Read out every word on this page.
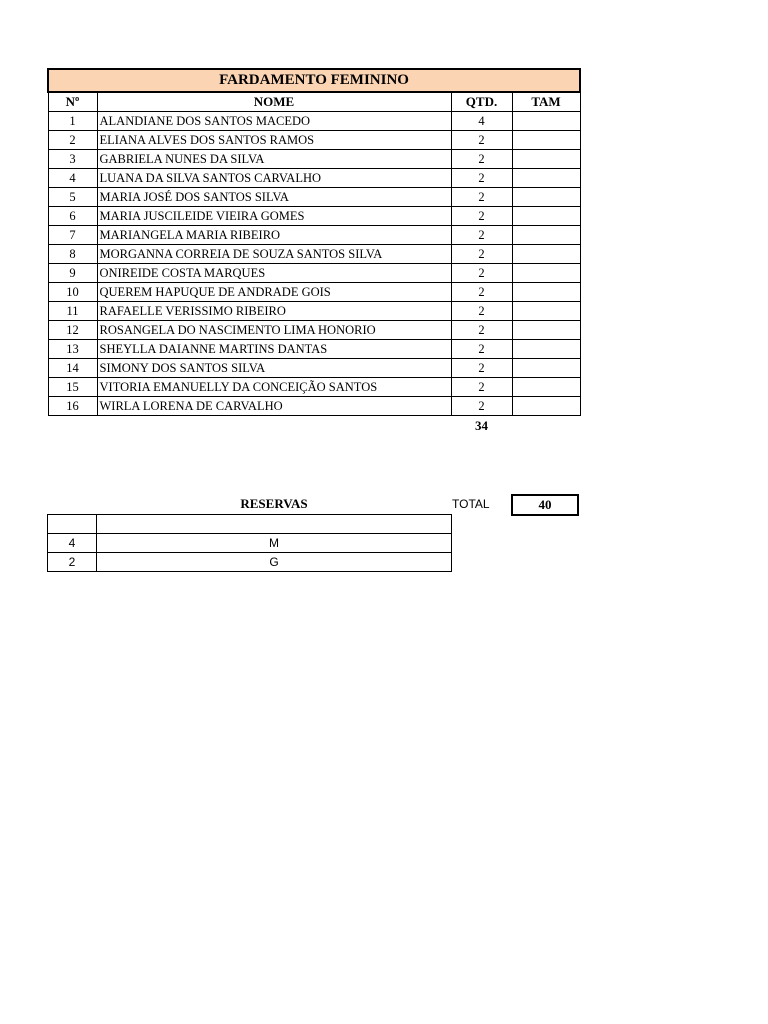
FARDAMENTO FEMININO			
Nº	NOME	QTD.	TAM
1	ALANDIANE DOS SANTOS MACEDO	4	
2	ELIANA ALVES DOS SANTOS RAMOS	2	
3	GABRIELA NUNES DA SILVA	2	
4	LUANA DA SILVA SANTOS CARVALHO	2	
5	MARIA JOSÉ DOS SANTOS SILVA	2	
6	MARIA JUSCILEIDE VIEIRA GOMES	2	
7	MARIANGELA MARIA RIBEIRO	2	
8	MORGANNA CORREIA DE SOUZA SANTOS SILVA	2	
9	ONIREIDE COSTA MARQUES	2	
10	QUEREM HAPUQUE DE ANDRADE GOIS	2	
11	RAFAELLE VERISSIMO RIBEIRO	2	
12	ROSANGELA DO NASCIMENTO LIMA HONORIO	2	
13	SHEYLLA DAIANNE MARTINS DANTAS	2	
14	SIMONY DOS SANTOS SILVA	2	
15	VITORIA EMANUELLY DA CONCEIÇÃO SANTOS	2	
16	WIRLA LORENA DE CARVALHO	2	
34
RESERVAS	TOTAL	40

4	M
2	G
